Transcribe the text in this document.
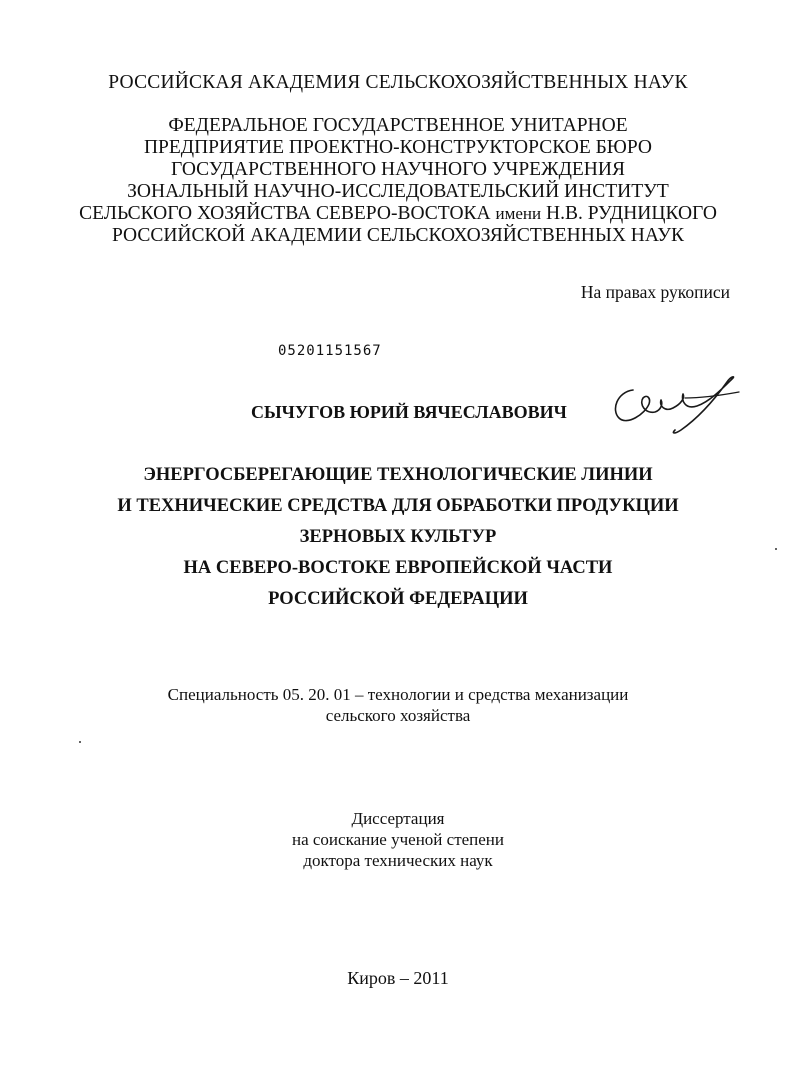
РОССИЙСКАЯ АКАДЕМИЯ СЕЛЬСКОХОЗЯЙСТВЕННЫХ НАУК
ФЕДЕРАЛЬНОЕ ГОСУДАРСТВЕННОЕ УНИТАРНОЕ
ПРЕДПРИЯТИЕ ПРОЕКТНО-КОНСТРУКТОРСКОЕ БЮРО
ГОСУДАРСТВЕННОГО НАУЧНОГО УЧРЕЖДЕНИЯ
ЗОНАЛЬНЫЙ НАУЧНО-ИССЛЕДОВАТЕЛЬСКИЙ ИНСТИТУТ
СЕЛЬСКОГО ХОЗЯЙСТВА СЕВЕРО-ВОСТОКА имени Н.В. РУДНИЦКОГО
РОССИЙСКОЙ АКАДЕМИИ СЕЛЬСКОХОЗЯЙСТВЕННЫХ НАУК
На правах рукописи
05201151567
СЫЧУГОВ ЮРИЙ ВЯЧЕСЛАВОВИЧ
ЭНЕРГОСБЕРЕГАЮЩИЕ ТЕХНОЛОГИЧЕСКИЕ ЛИНИИ
И ТЕХНИЧЕСКИЕ СРЕДСТВА ДЛЯ ОБРАБОТКИ ПРОДУКЦИИ
ЗЕРНОВЫХ КУЛЬТУР
НА СЕВЕРО-ВОСТОКЕ ЕВРОПЕЙСКОЙ ЧАСТИ
РОССИЙСКОЙ ФЕДЕРАЦИИ
Специальность 05. 20. 01 – технологии и средства механизации
сельского хозяйства
Диссертация
на соискание ученой степени
доктора технических наук
Киров – 2011
